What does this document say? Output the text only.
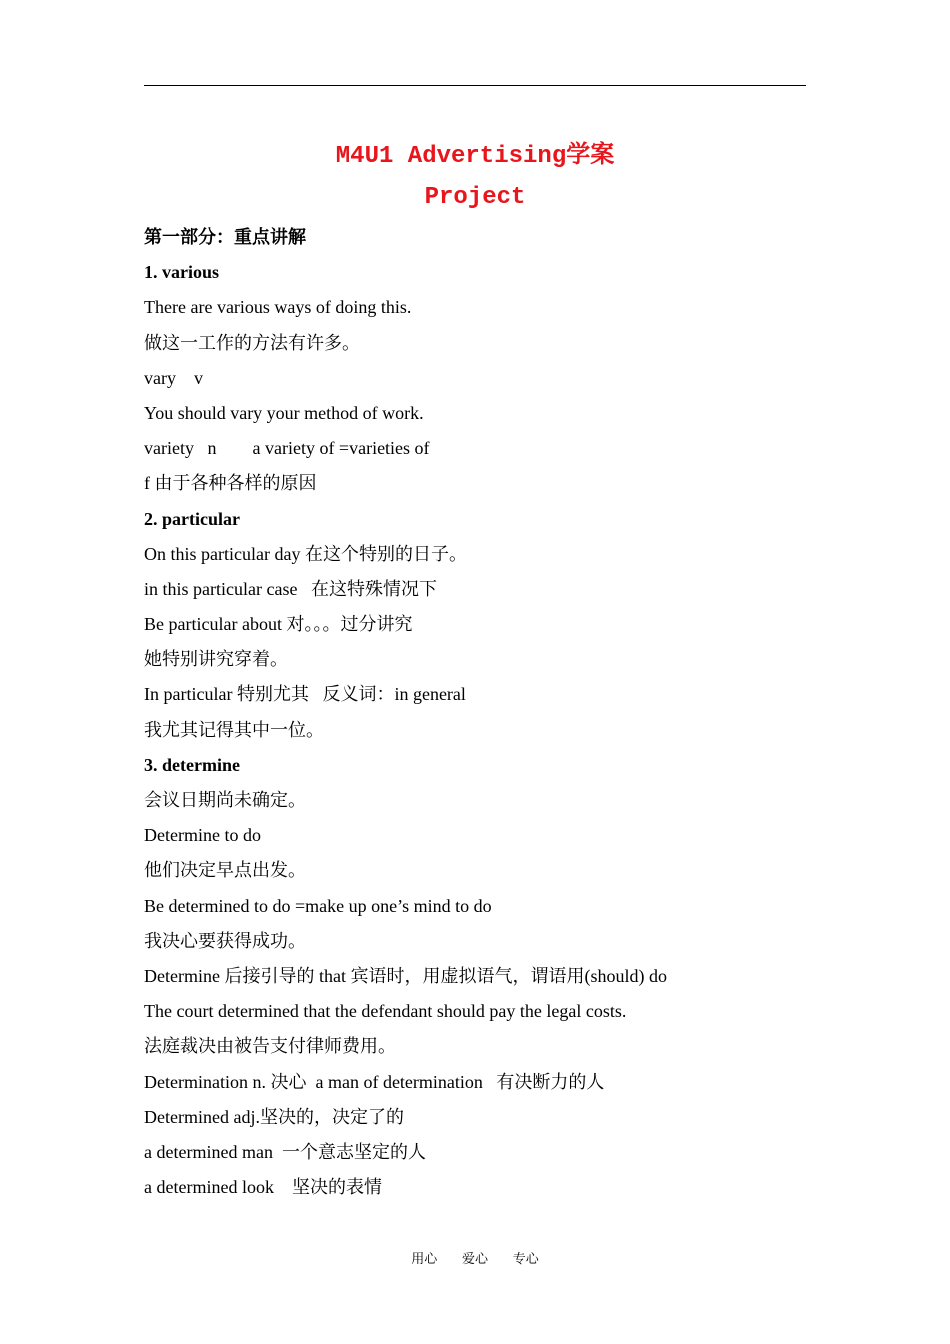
M4U1 Advertising学案
Project
第一部分：重点讲解
1. various
There are various ways of doing this.
做这一工作的方法有许多。
vary    v
You should vary your method of work.
variety   n        a variety of =varieties of
f 由于各种各样的原因
2. particular
On this particular day 在这个特别的日子。
in this particular case   在这特殊情况下
Be particular about 对。。。过分讲究
她特别讲究穿着。
In particular 特别尤其   反义词：in general
我尤其记得其中一位。
3. determine
会议日期尚未确定。
Determine to do
他们决定早点出发。
Be determined to do =make up one’s mind to do
我决心要获得成功。
Determine 后接引导的 that 宾语时，用虚拟语气，谓语用(should) do
The court determined that the defendant should pay the legal costs.
法庭裁决由被告支付律师费用。
Determination n. 决心  a man of determination   有决断力的人
Determined adj.坚决的，决定了的
a determined man  一个意志坚定的人
a determined look    坚决的表情
用心      爱心      专心
